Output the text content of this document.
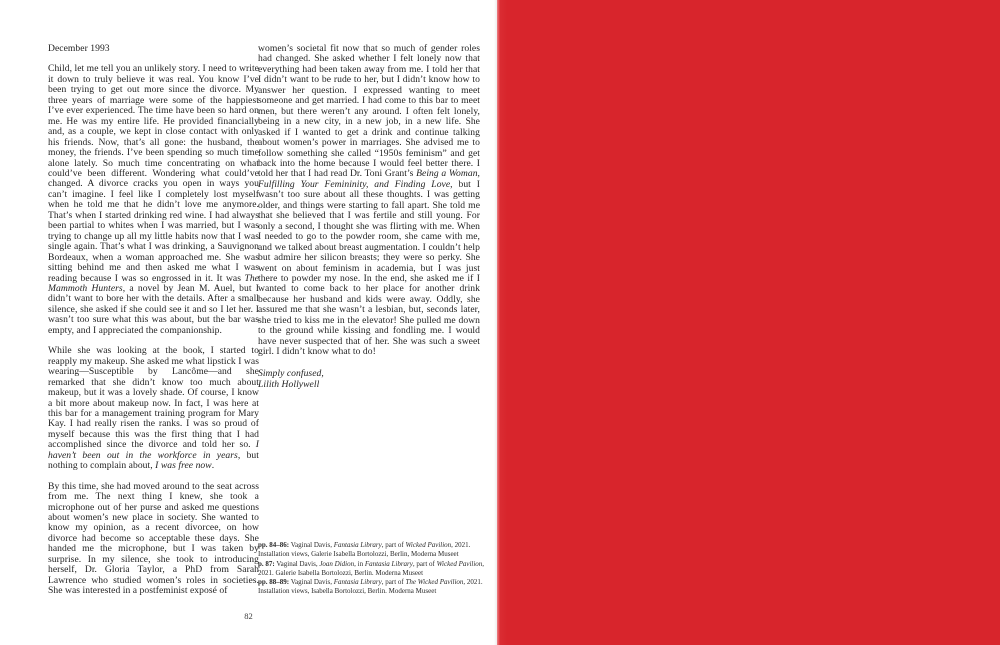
December 1993

Child, let me tell you an unlikely story. I need to write it down to truly believe it was real. You know I’ve been trying to get out more since the divorce. My three years of marriage were some of the happiest I’ve ever experienced. The time have been so hard on me. He was my entire life. He provided financially and, as a couple, we kept in close contact with only his friends. Now, that’s all gone: the husband, the money, the friends. I’ve been spending so much time alone lately. So much time concentrating on what could’ve been different. Wondering what could’ve changed. A divorce cracks you open in ways you can’t imagine. I feel like I completely lost myself when he told me that he didn’t love me anymore. That’s when I started drinking red wine. I had always been partial to whites when I was married, but I was trying to change up all my little habits now that I was single again. That’s what I was drinking, a Sauvignon Bordeaux, when a woman approached me. She was sitting behind me and then asked me what I was reading because I was so engrossed in it. It was The Mammoth Hunters, a novel by Jean M. Auel, but I didn’t want to bore her with the details. After a small silence, she asked if she could see it and so I let her. I wasn’t too sure what this was about, but the bar was empty, and I appreciated the companionship.

While she was looking at the book, I started to reapply my makeup. She asked me what lipstick I was wearing—Susceptible by Lancôme—and she remarked that she didn’t know too much about makeup, but it was a lovely shade. Of course, I know a bit more about makeup now. In fact, I was here at this bar for a management training program for Mary Kay. I had really risen the ranks. I was so proud of myself because this was the first thing that I had accomplished since the divorce and told her so. I haven’t been out in the workforce in years, but nothing to complain about, I was free now.

By this time, she had moved around to the seat across from me. The next thing I knew, she took a microphone out of her purse and asked me questions about women’s new place in society. She wanted to know my opinion, as a recent divorcee, on how divorce had become so acceptable these days. She handed me the microphone, but I was taken by surprise. In my silence, she took to introducing herself, Dr. Gloria Taylor, a PhD from Sarah Lawrence who studied women’s roles in societies. She was interested in a postfeminist exposé of

women’s societal fit now that so much of gender roles had changed. She asked whether I felt lonely now that everything had been taken away from me. I told her that I didn’t want to be rude to her, but I didn’t know how to answer her question. I expressed wanting to meet someone and get married. I had come to this bar to meet men, but there weren’t any around. I often felt lonely, being in a new city, in a new job, in a new life. She asked if I wanted to get a drink and continue talking about women’s power in marriages. She advised me to follow something she called “1950s feminism” and get back into the home because I would feel better there. I told her that I had read Dr. Toni Grant’s Being a Woman, Fulfilling Your Femininity, and Finding Love, but I wasn’t too sure about all these thoughts. I was getting older, and things were starting to fall apart. She told me that she believed that I was fertile and still young. For only a second, I thought she was flirting with me. When I needed to go to the powder room, she came with me, and we talked about breast augmentation. I couldn’t help but admire her silicon breasts; they were so perky. She went on about feminism in academia, but I was just there to powder my nose. In the end, she asked me if I wanted to come back to her place for another drink because her husband and kids were away. Oddly, she assured me that she wasn’t a lesbian, but, seconds later, she tried to kiss me in the elevator! She pulled me down to the ground while kissing and fondling me. I would have never suspected that of her. She was such a sweet girl. I didn’t know what to do!

Simply confused,
Lilith Hollywell

pp. 84–86: Vaginal Davis, Fantasia Library, part of Wicked Pavilion, 2021. Installation views, Galerie Isabella Bortolozzi, Berlin, Moderna Museet

p. 87: Vaginal Davis, Joan Didion, in Fantasia Library, part of Wicked Pavilion, 2021. Galerie Isabella Bortolozzi, Berlin. Moderna Museet

pp. 88–89: Vaginal Davis, Fantasia Library, part of The Wicked Pavilion, 2021. Installation views, Isabella Bortolozzi, Berlin. Moderna Museet

82
